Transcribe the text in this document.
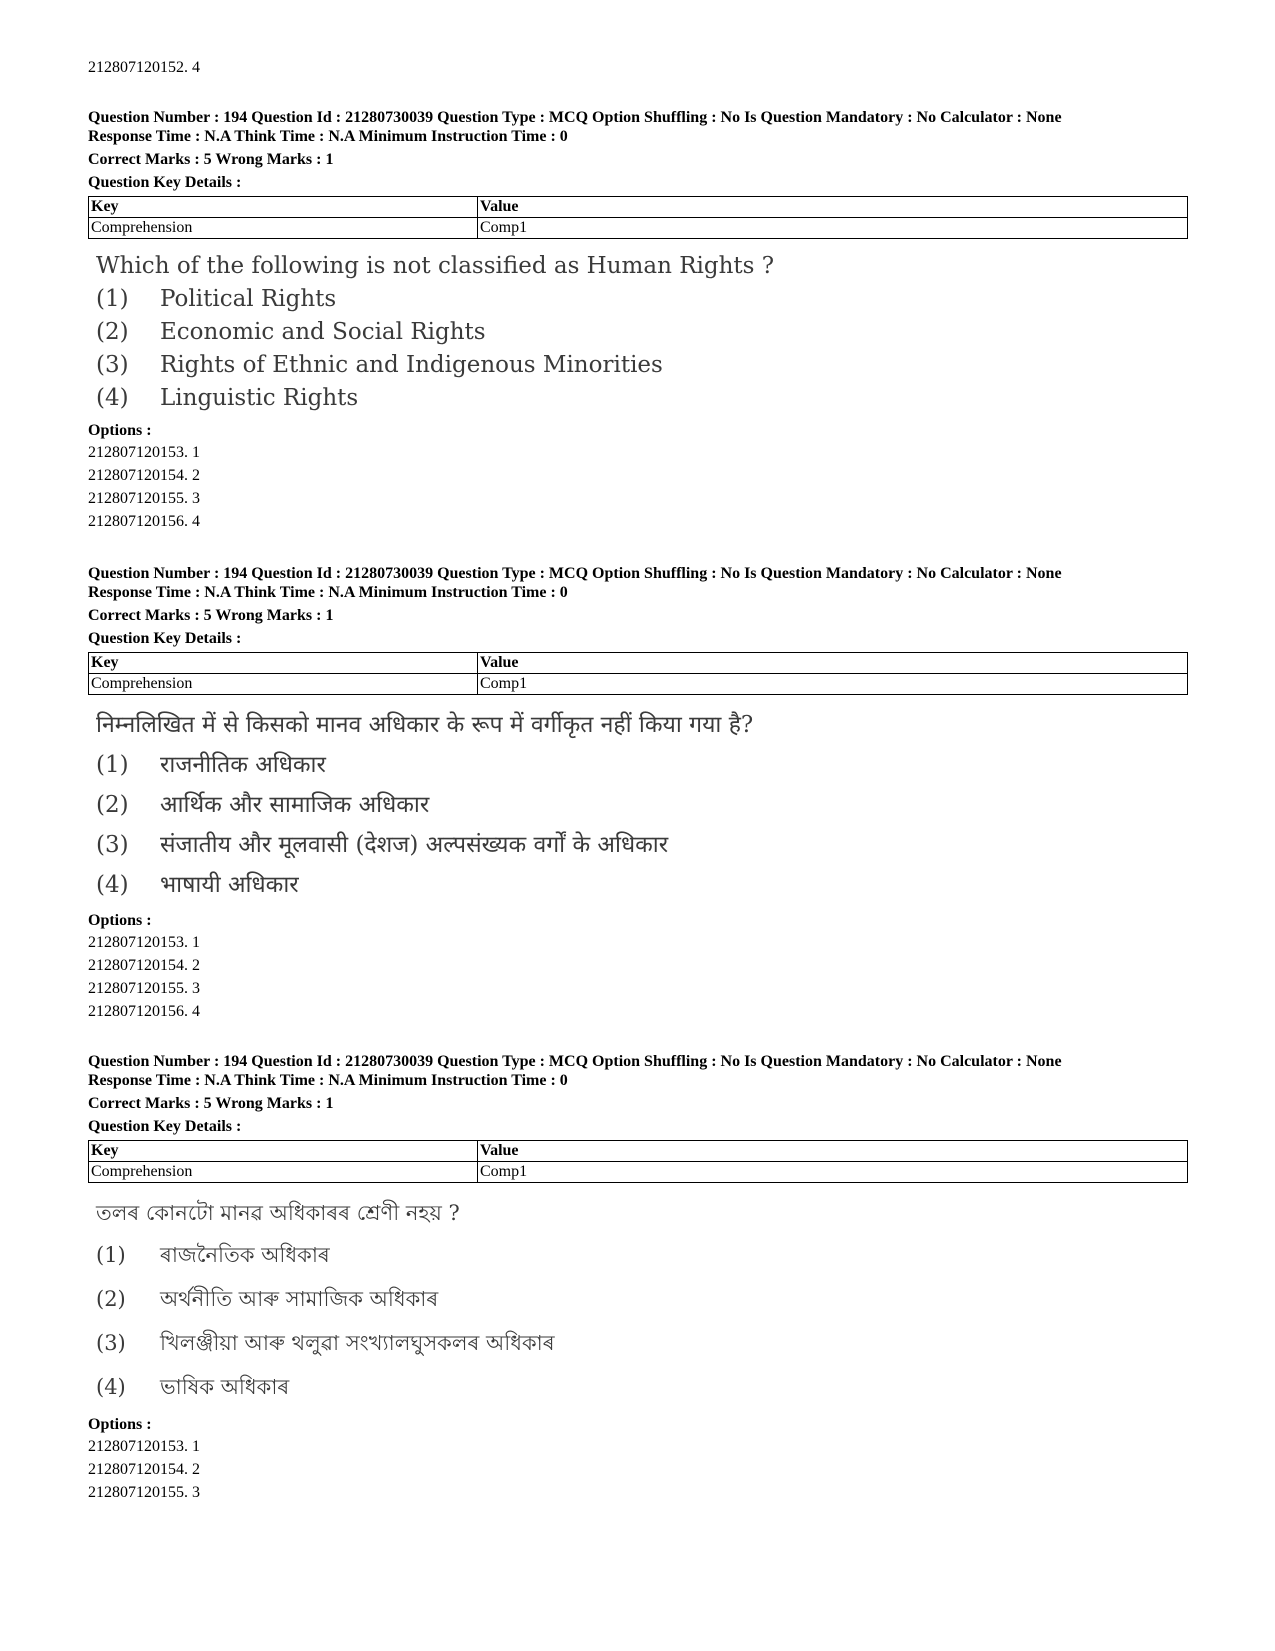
212807120152. 4
Question Number : 194 Question Id : 21280730039 Question Type : MCQ Option Shuffling : No Is Question Mandatory : No Calculator : None
Response Time : N.A Think Time : N.A Minimum Instruction Time : 0
Correct Marks : 5 Wrong Marks : 1
Question Key Details :
Key	Value
Comprehension	Comp1
Which of the following is not classified as Human Rights ?
(1)	Political Rights
(2)	Economic and Social Rights
(3)	Rights of Ethnic and Indigenous Minorities
(4)	Linguistic Rights
Options :
212807120153. 1
212807120154. 2
212807120155. 3
212807120156. 4
Question Number : 194 Question Id : 21280730039 Question Type : MCQ Option Shuffling : No Is Question Mandatory : No Calculator : None
Response Time : N.A Think Time : N.A Minimum Instruction Time : 0
Correct Marks : 5 Wrong Marks : 1
Question Key Details :
Key	Value
Comprehension	Comp1
निम्नलिखित में से किसको मानव अधिकार के रूप में वर्गीकृत नहीं किया गया है?
(1)	राजनीतिक अधिकार
(2)	आर्थिक और सामाजिक अधिकार
(3)	संजातीय और मूलवासी (देशज) अल्पसंख्यक वर्गों के अधिकार
(4)	भाषायी अधिकार
Options :
212807120153. 1
212807120154. 2
212807120155. 3
212807120156. 4
Question Number : 194 Question Id : 21280730039 Question Type : MCQ Option Shuffling : No Is Question Mandatory : No Calculator : None
Response Time : N.A Think Time : N.A Minimum Instruction Time : 0
Correct Marks : 5 Wrong Marks : 1
Question Key Details :
Key	Value
Comprehension	Comp1
তলৰ কোনটো মানৱ অধিকাৰৰ শ্ৰেণী নহয় ?
(1)	ৰাজনৈতিক অধিকাৰ
(2)	অৰ্থনীতি আৰু সামাজিক অধিকাৰ
(3)	খিলঞ্জীয়া আৰু থলুৱা সংখ্যালঘুসকলৰ অধিকাৰ
(4)	ভাষিক অধিকাৰ
Options :
212807120153. 1
212807120154. 2
212807120155. 3
